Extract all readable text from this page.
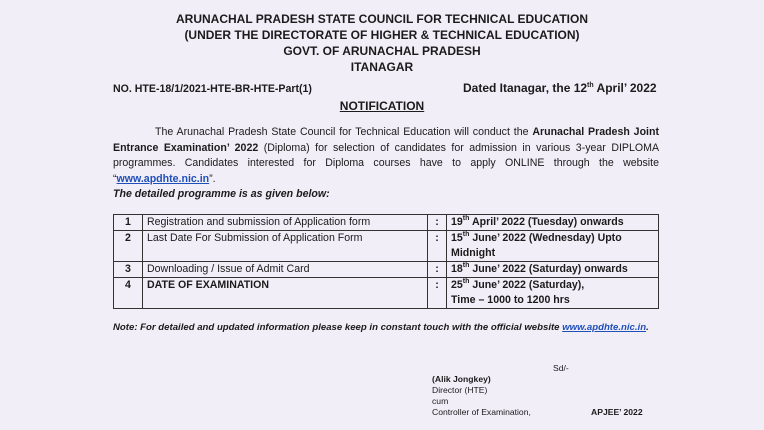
ARUNACHAL PRADESH STATE COUNCIL FOR TECHNICAL EDUCATION
(UNDER THE DIRECTORATE OF HIGHER & TECHNICAL EDUCATION)
GOVT. OF ARUNACHAL PRADESH
ITANAGAR
NO. HTE-18/1/2021-HTE-BR-HTE-Part(1)	Dated Itanagar, the 12th April’ 2022
NOTIFICATION
The Arunachal Pradesh State Council for Technical Education will conduct the Arunachal Pradesh Joint Entrance Examination’ 2022 (Diploma) for selection of candidates for admission in various 3-year DIPLOMA programmes. Candidates interested for Diploma courses have to apply ONLINE through the website “www.apdhte.nic.in”.
The detailed programme is as given below:
1	Registration and submission of Application form	:	19th April’ 2022 (Tuesday) onwards
2	Last Date For Submission of Application Form	:	15th June’ 2022 (Wednesday) Upto
Midnight
3	Downloading / Issue of Admit Card	:	18th June’ 2022 (Saturday) onwards
4	DATE OF EXAMINATION	:	25th June’ 2022 (Saturday),
Time – 1000 to 1200 hrs
Note: For detailed and updated information please keep in constant touch with the official website www.apdhte.nic.in.
Sd/-
(Alik Jongkey)
Director (HTE)
cum
Controller of Examination,	APJEE’ 2022
